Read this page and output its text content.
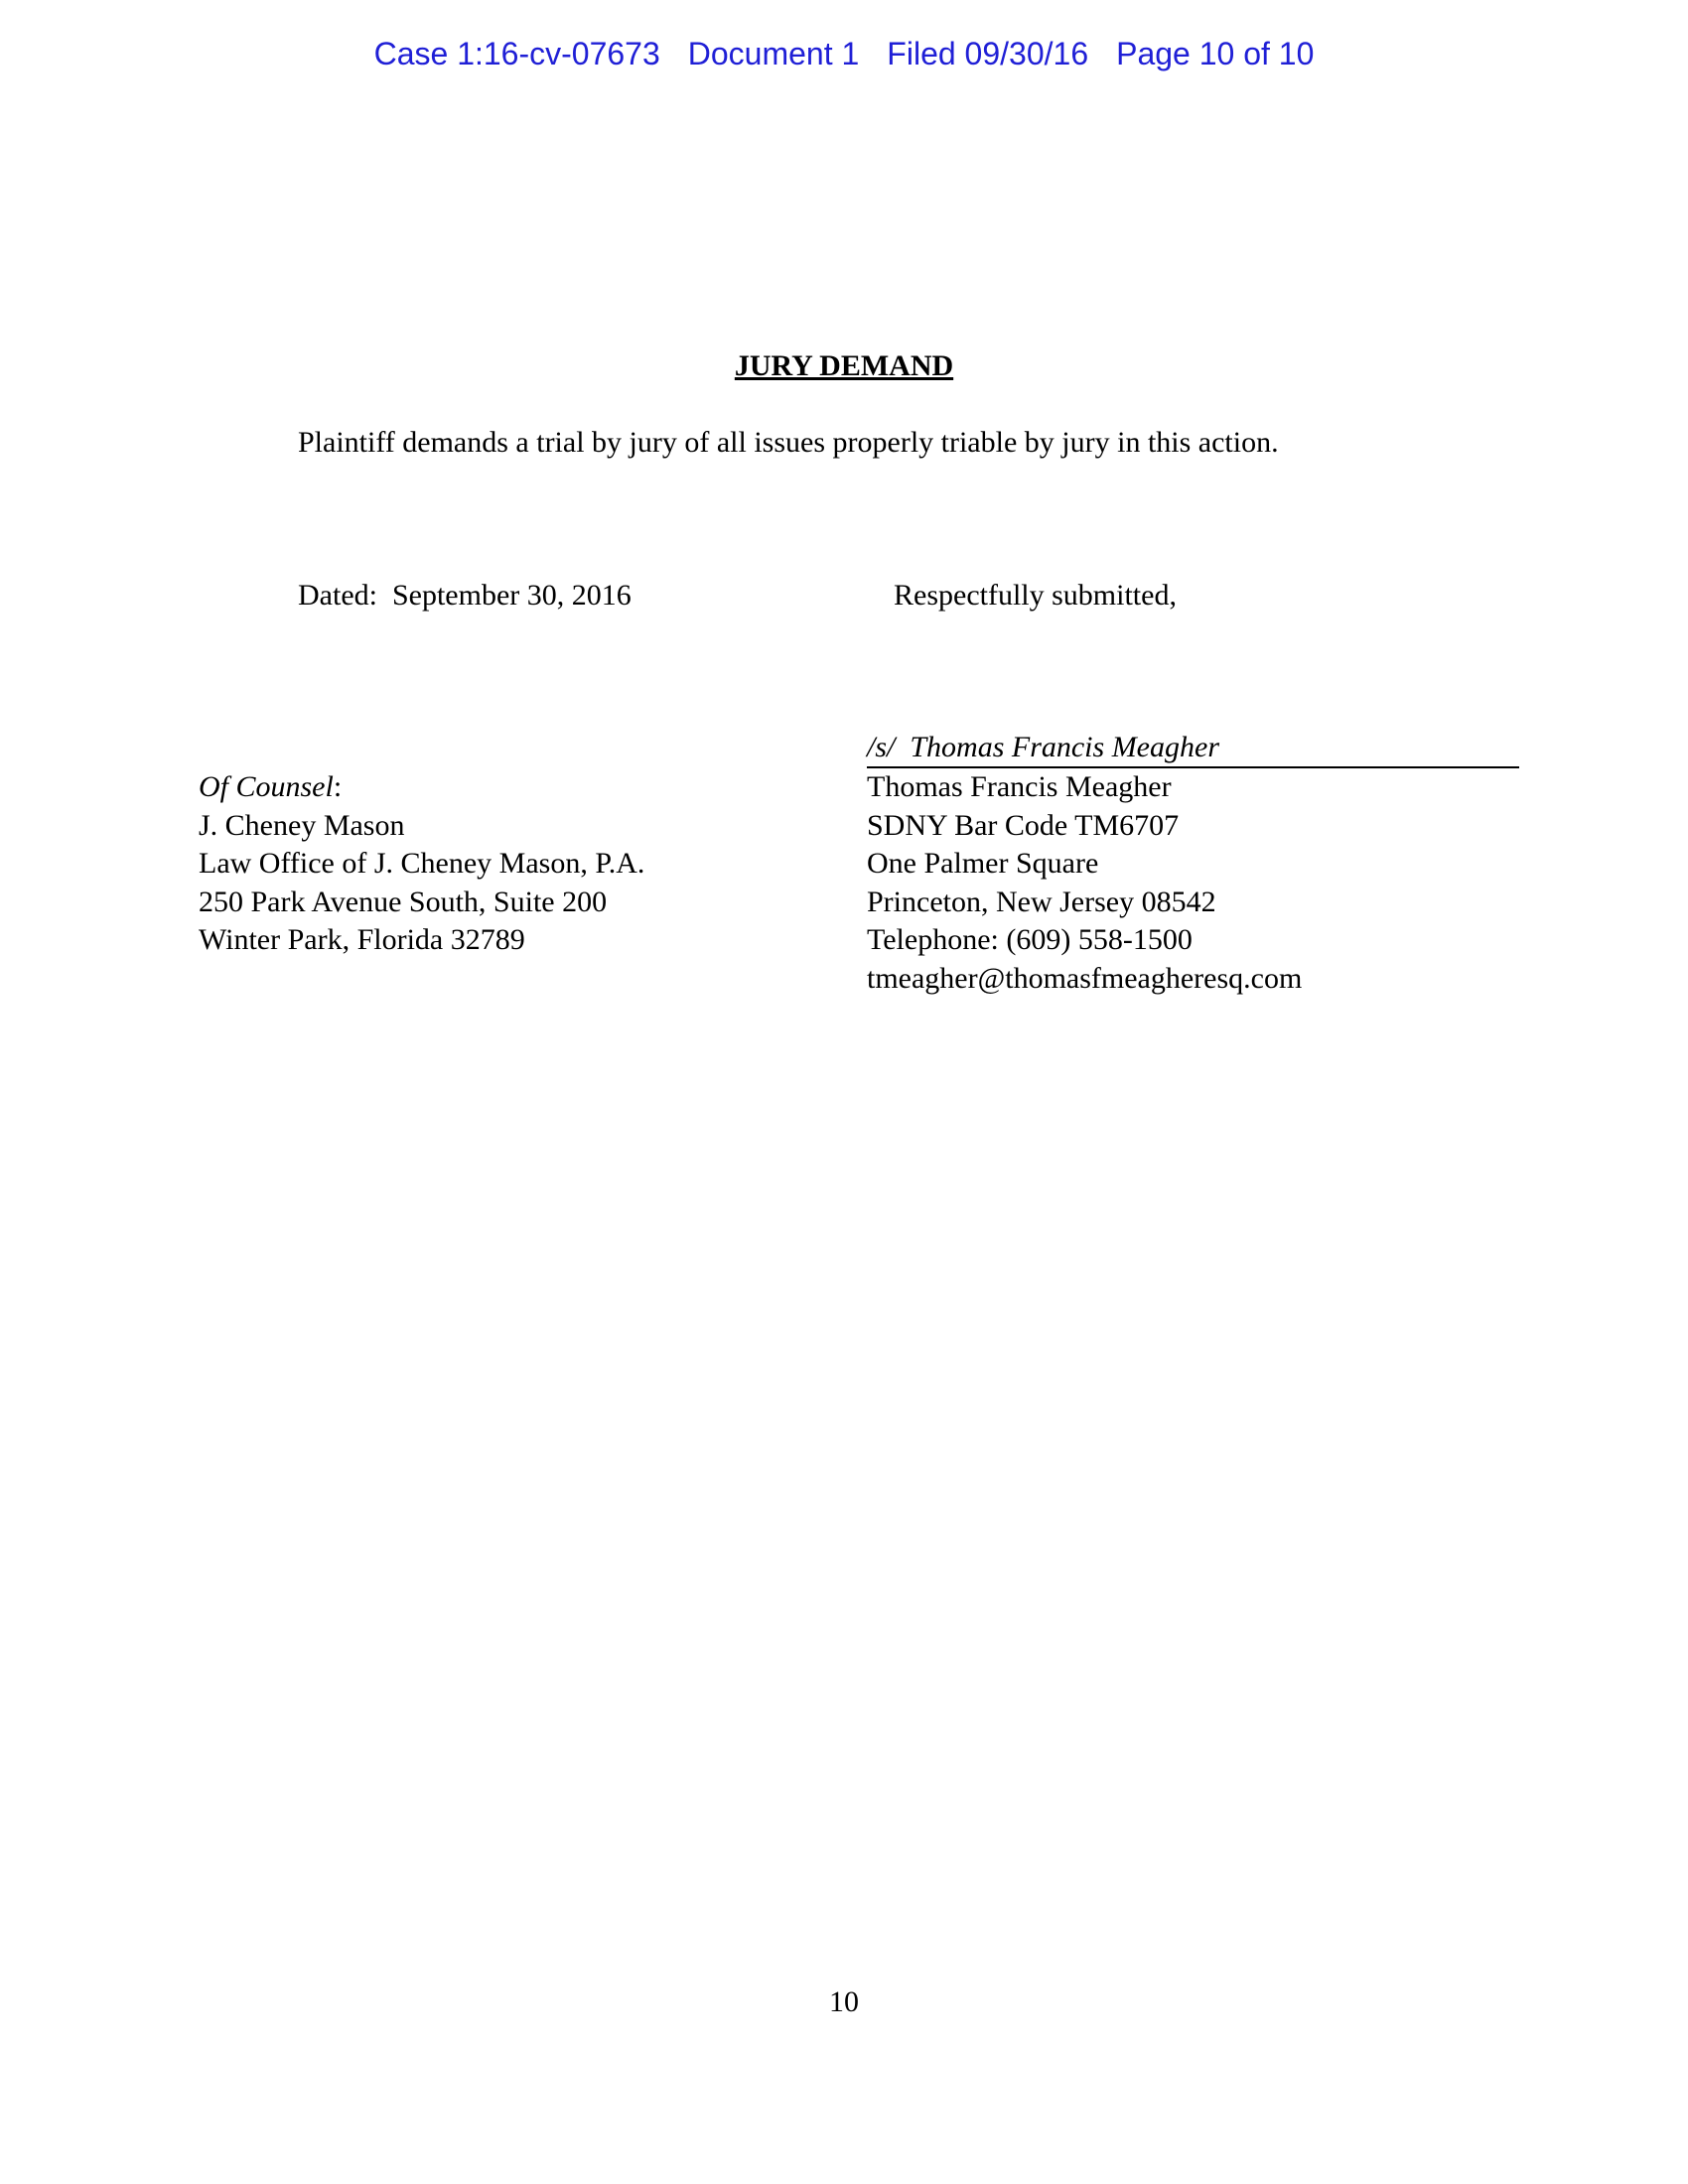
Case 1:16-cv-07673 Document 1 Filed 09/30/16 Page 10 of 10
JURY DEMAND
Plaintiff demands a trial by jury of all issues properly triable by jury in this action.
Dated:  September 30, 2016	Respectfully submitted,
/s/  Thomas Francis Meagher
Thomas Francis Meagher
SDNY Bar Code TM6707
One Palmer Square
Princeton, New Jersey 08542
Telephone: (609) 558-1500
tmeagher@thomasfmeagheresq.com
Of Counsel:
J. Cheney Mason
Law Office of J. Cheney Mason, P.A.
250 Park Avenue South, Suite 200
Winter Park, Florida 32789
10
